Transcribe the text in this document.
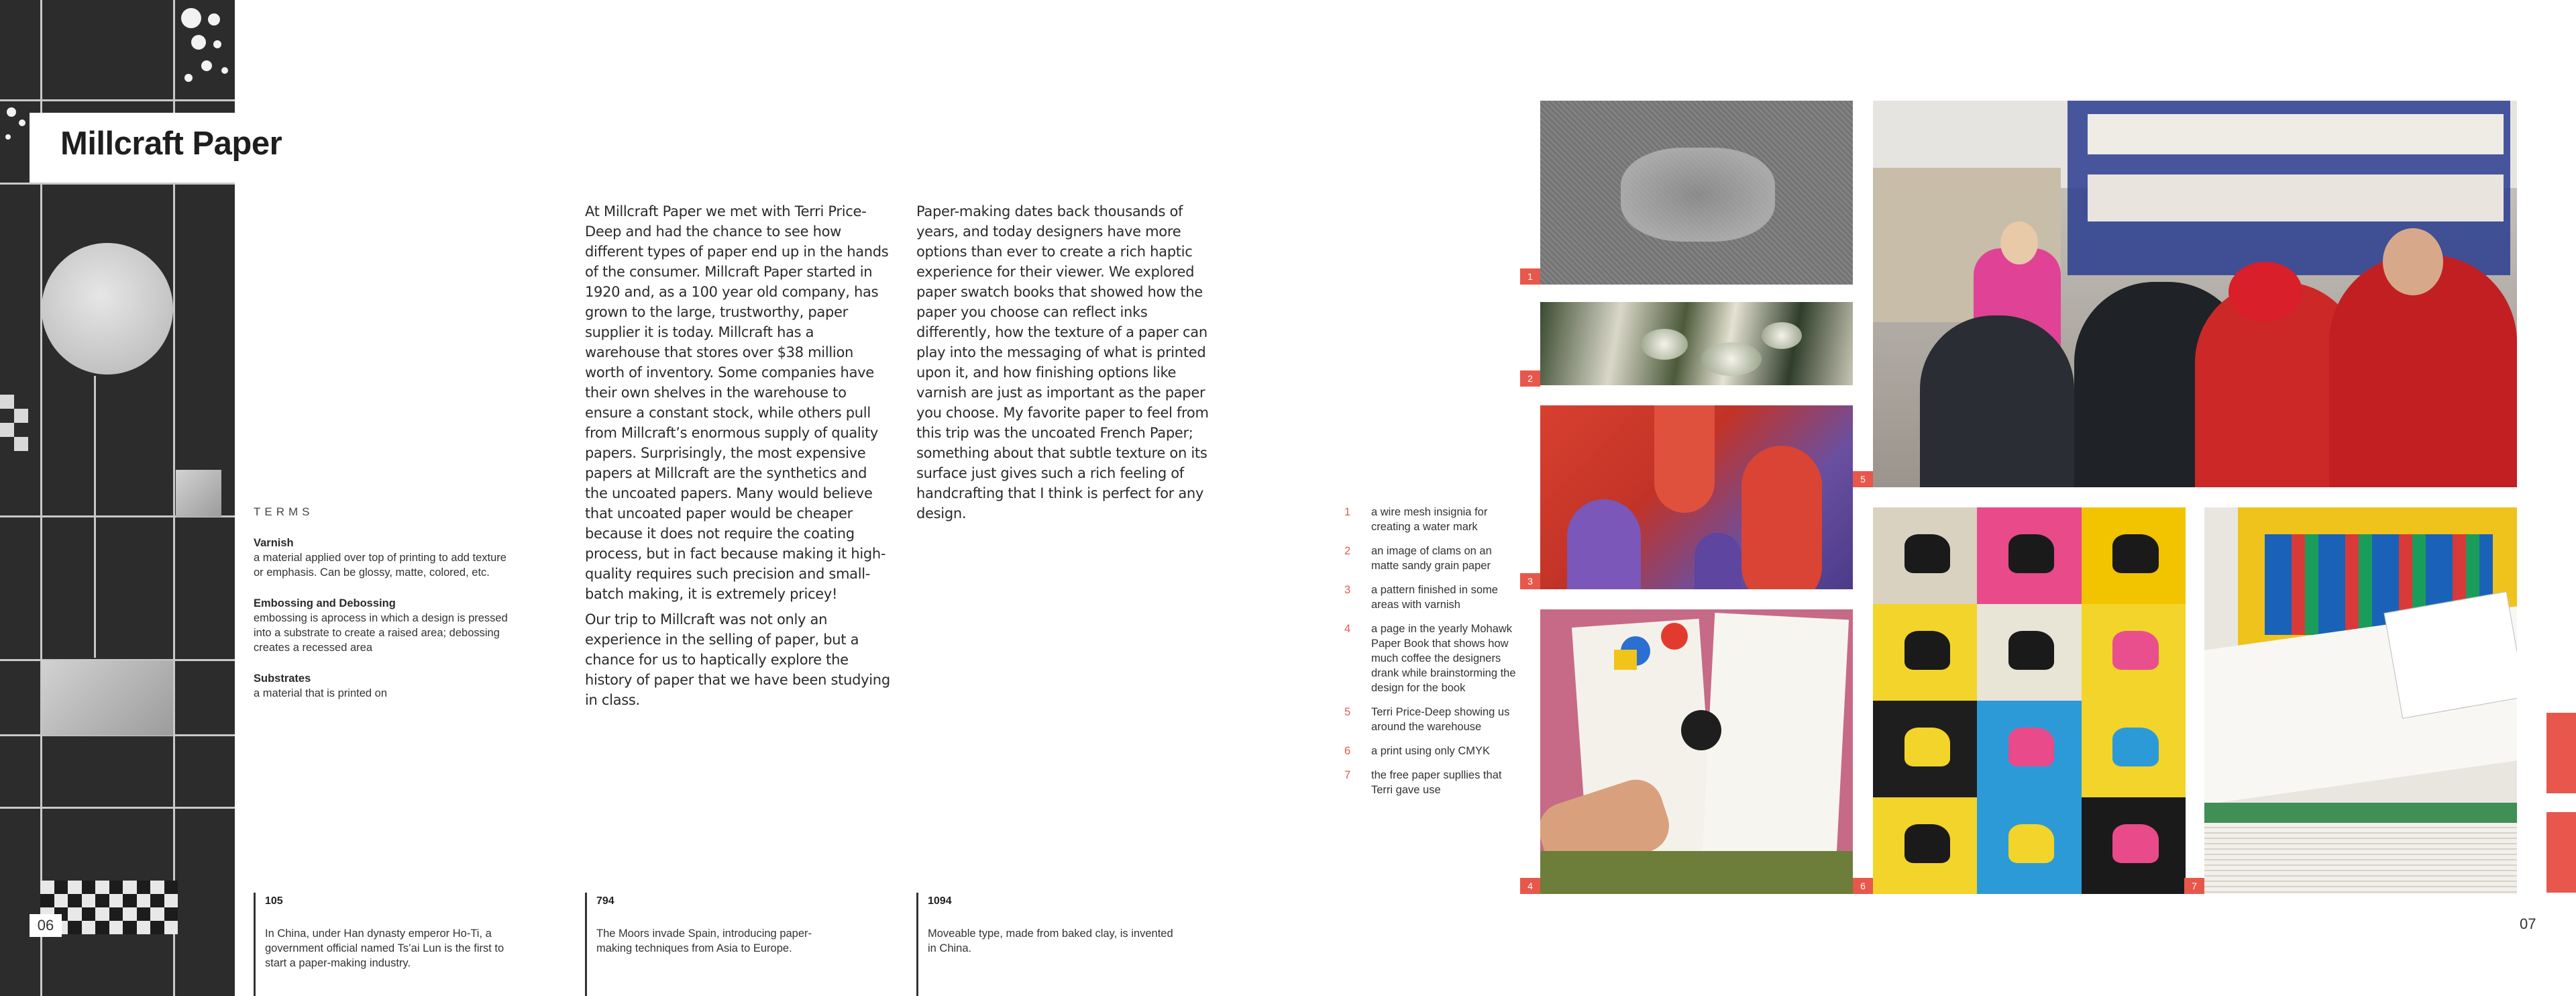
Millcraft Paper
06
TERMS
Varnish
a material applied over top of printing to add texture or emphasis. Can be glossy, matte, colored, etc.
Embossing and Debossing
embossing is aprocess in which a design is pressed into a substrate to create a raised area; debossing creates a recessed area
Substrates
a material that is printed on

At Millcraft Paper we met with Terri Price-Deep and had the chance to see how different types of paper end up in the hands of the consumer. Millcraft Paper started in 1920 and, as a 100 year old company, has grown to the large, trustworthy, paper supplier it is today. Millcraft has a warehouse that stores over $38 million worth of inventory. Some companies have their own shelves in the warehouse to ensure a constant stock, while others pull from Millcraft’s enormous supply of quality papers. Surprisingly, the most expensive papers at Millcraft are the synthetics and the uncoated papers. Many would believe that uncoated paper would be cheaper because it does not require the coating process, but in fact because making it high-quality requires such precision and small-batch making, it is extremely pricey!

Our trip to Millcraft was not only an experience in the selling of paper, but a chance for us to haptically explore the history of paper that we have been studying in class.

Paper-making dates back thousands of years, and today designers have more options than ever to create a rich haptic experience for their viewer. We explored paper swatch books that showed how the paper you choose can reflect inks differently, how the texture of a paper can play into the messaging of what is printed upon it, and how finishing options like varnish are just as important as the paper you choose. My favorite paper to feel from this trip was the uncoated French Paper; something about that subtle texture on its surface just gives such a rich feeling of handcrafting that I think is perfect for any design.

105
In China, under Han dynasty emperor Ho-Ti, a government official named Ts’ai Lun is the first to start a paper-making industry.
794
The Moors invade Spain, introducing paper-making techniques from Asia to Europe.
1094
Moveable type, made from baked clay, is invented in China.
1	a wire mesh insignia for creating a water mark
2	an image of clams on an matte sandy grain paper
3	a pattern finished in some areas with varnish
4	a page in the yearly Mohawk Paper Book that shows how much coffee the designers drank while brainstorming the design for the book
5	Terri Price-Deep showing us around the warehouse
6	a print using only CMYK
7	the free paper supllies that Terri gave use
1
2
3
4
5
6	7
07
